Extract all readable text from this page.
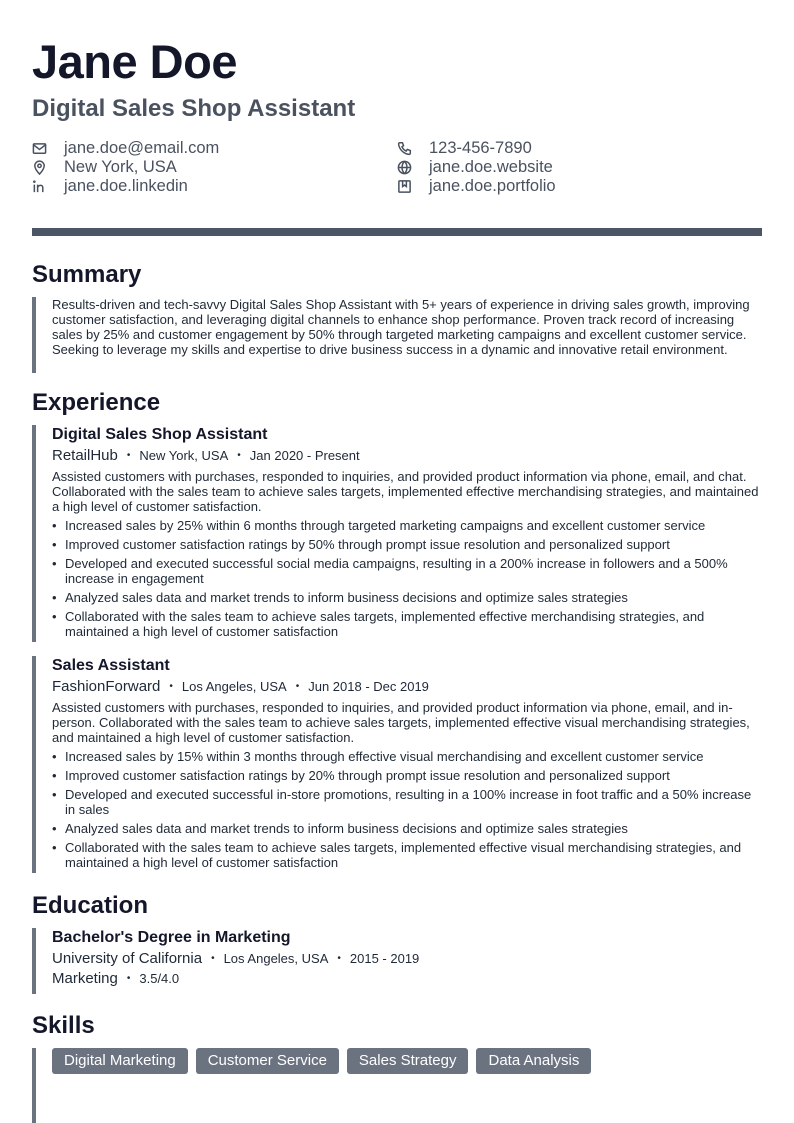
Jane Doe
Digital Sales Shop Assistant
jane.doe@email.com
New York, USA
jane.doe.linkedin
123-456-7890
jane.doe.website
jane.doe.portfolio
Summary

Results-driven and tech-savvy Digital Sales Shop Assistant with 5+ years of experience in driving sales growth, improving customer satisfaction, and leveraging digital channels to enhance shop performance. Proven track record of increasing sales by 25% and customer engagement by 50% through targeted marketing campaigns and excellent customer service. Seeking to leverage my skills and expertise to drive business success in a dynamic and innovative retail environment.

Experience
Digital Sales Shop Assistant
RetailHub • New York, USA • Jan 2020 - Present

Assisted customers with purchases, responded to inquiries, and provided product information via phone, email, and chat. Collaborated with the sales team to achieve sales targets, implemented effective merchandising strategies, and maintained a high level of customer satisfaction.

• Increased sales by 25% within 6 months through targeted marketing campaigns and excellent customer service
• Improved customer satisfaction ratings by 50% through prompt issue resolution and personalized support
• Developed and executed successful social media campaigns, resulting in a 200% increase in followers and a 500% increase in engagement
• Analyzed sales data and market trends to inform business decisions and optimize sales strategies
• Collaborated with the sales team to achieve sales targets, implemented effective merchandising strategies, and maintained a high level of customer satisfaction
Sales Assistant
FashionForward • Los Angeles, USA • Jun 2018 - Dec 2019

Assisted customers with purchases, responded to inquiries, and provided product information via phone, email, and in-person. Collaborated with the sales team to achieve sales targets, implemented effective visual merchandising strategies, and maintained a high level of customer satisfaction.

• Increased sales by 15% within 3 months through effective visual merchandising and excellent customer service
• Improved customer satisfaction ratings by 20% through prompt issue resolution and personalized support
• Developed and executed successful in-store promotions, resulting in a 100% increase in foot traffic and a 50% increase in sales
• Analyzed sales data and market trends to inform business decisions and optimize sales strategies
• Collaborated with the sales team to achieve sales targets, implemented effective visual merchandising strategies, and maintained a high level of customer satisfaction
Education
Bachelor's Degree in Marketing
University of California • Los Angeles, USA • 2015 - 2019
Marketing • 3.5/4.0
Skills
Digital Marketing	Customer Service	Sales Strategy	Data Analysis
